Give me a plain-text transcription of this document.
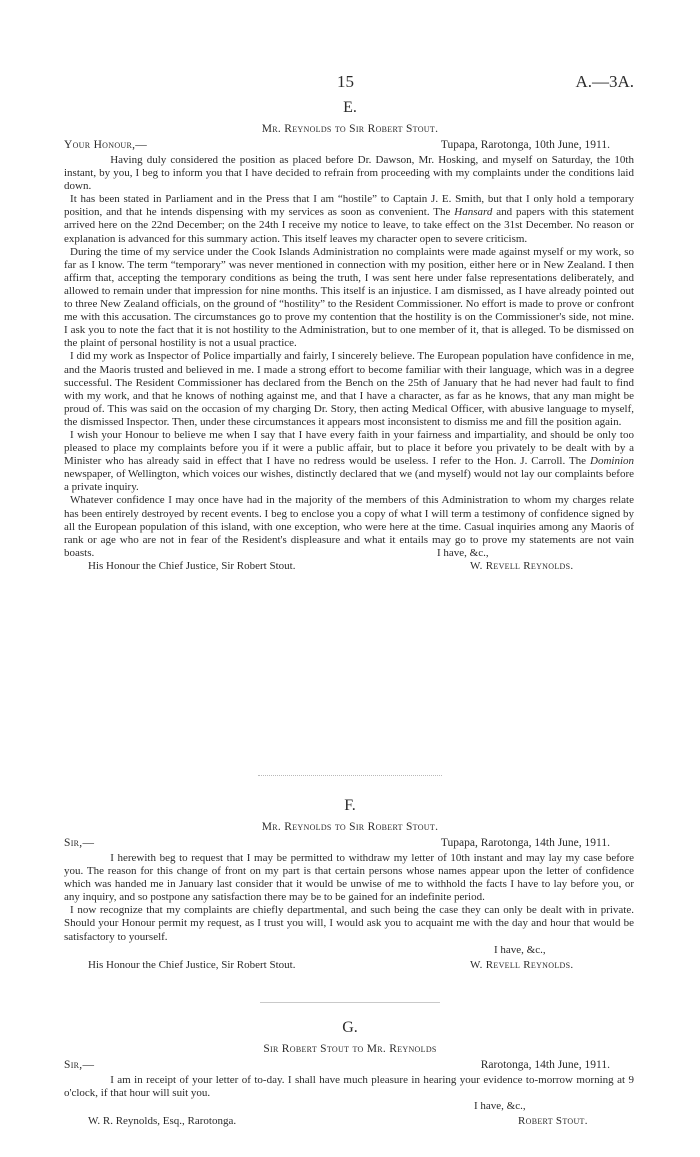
15	A.—3A.

E.

Mr. Reynolds to Sir Robert Stout.

Your Honour,—	Tupapa, Rarotonga, 10th June, 1911.

Having duly considered the position as placed before Dr. Dawson, Mr. Hosking, and myself on Saturday, the 10th instant, by you, I beg to inform you that I have decided to refrain from proceeding with my complaints under the conditions laid down.

It has been stated in Parliament and in the Press that I am “hostile” to Captain J. E. Smith, but that I only hold a temporary position, and that he intends dispensing with my services as soon as convenient. The Hansard and papers with this statement arrived here on the 22nd December; on the 24th I receive my notice to leave, to take effect on the 31st December. No reason or explanation is advanced for this summary action. This itself leaves my character open to severe criticism.

During the time of my service under the Cook Islands Administration no complaints were made against myself or my work, so far as I know. The term “temporary” was never mentioned in connection with my position, either here or in New Zealand. I then affirm that, accepting the temporary conditions as being the truth, I was sent here under false representations deliberately, and allowed to remain under that impression for nine months. This itself is an injustice. I am dismissed, as I have already pointed out to three New Zealand officials, on the ground of “hostility” to the Resident Commissioner. No effort is made to prove or confront me with this accusation. The circumstances go to prove my contention that the hostility is on the Commissioner's side, not mine. I ask you to note the fact that it is not hostility to the Administration, but to one member of it, that is alleged. To be dismissed on the plaint of personal hostility is not a usual practice.

I did my work as Inspector of Police impartially and fairly, I sincerely believe. The European population have confidence in me, and the Maoris trusted and believed in me. I made a strong effort to become familiar with their language, which was in a degree successful. The Resident Commissioner has declared from the Bench on the 25th of January that he had never had fault to find with my work, and that he knows of nothing against me, and that I have a character, as far as he knows, that any man might be proud of. This was said on the occasion of my charging Dr. Story, then acting Medical Officer, with abusive language to myself, the dismissed Inspector. Then, under these circumstances it appears most inconsistent to dismiss me and fill the position again.

I wish your Honour to believe me when I say that I have every faith in your fairness and impartiality, and should be only too pleased to place my complaints before you if it were a public affair, but to place it before you privately to be dealt with by a Minister who has already said in effect that I have no redress would be useless. I refer to the Hon. J. Carroll. The Dominion newspaper, of Wellington, which voices our wishes, distinctly declared that we (and myself) would not lay our complaints before a private inquiry.

Whatever confidence I may once have had in the majority of the members of this Administration to whom my charges relate has been entirely destroyed by recent events. I beg to enclose you a copy of what I will term a testimony of confidence signed by all the European population of this island, with one exception, who were here at the time. Casual inquiries among any Maoris of rank or age who are not in fear of the Resident's displeasure and what it entails may go to prove my statements are not vain boasts.	I have, &c.,
His Honour the Chief Justice, Sir Robert Stout.	W. Revell Reynolds.

F.

Mr. Reynolds to Sir Robert Stout.

Sir,—	Tupapa, Rarotonga, 14th June, 1911.

I herewith beg to request that I may be permitted to withdraw my letter of 10th instant and may lay my case before you. The reason for this change of front on my part is that certain persons whose names appear upon the letter of confidence which was handed me in January last consider that it would be unwise of me to withhold the facts I have to lay before you, or any inquiry, and so postpone any satisfaction there may be to be gained for an indefinite period.

I now recognize that my complaints are chiefly departmental, and such being the case they can only be dealt with in private. Should your Honour permit my request, as I trust you will, I would ask you to acquaint me with the day and hour that would be satisfactory to yourself.

I have, &c.,
His Honour the Chief Justice, Sir Robert Stout.	W. Revell Reynolds.

G.

Sir Robert Stout to Mr. Reynolds

Sir,—	Rarotonga, 14th June, 1911.

I am in receipt of your letter of to-day. I shall have much pleasure in hearing your evidence to-morrow morning at 9 o'clock, if that hour will suit you.

I have, &c.,
W. R. Reynolds, Esq., Rarotonga.	Robert Stout.
